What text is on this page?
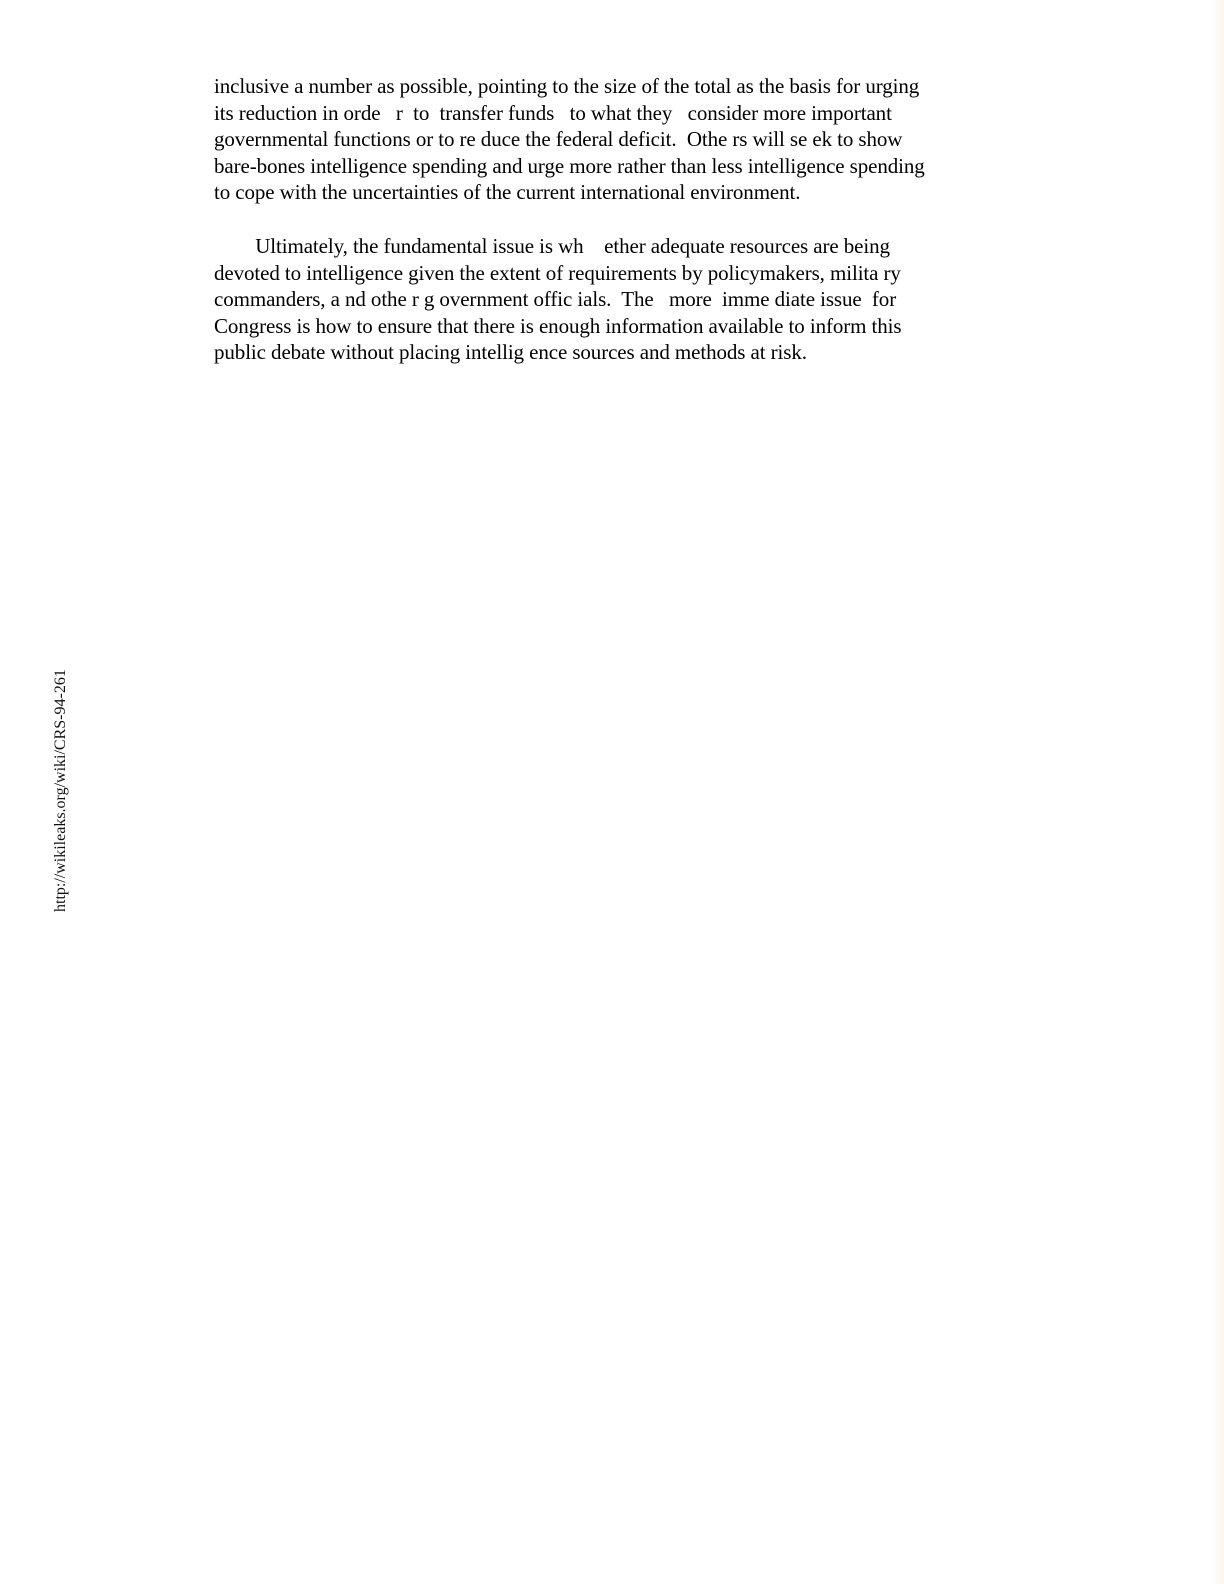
inclusive a number as possible, pointing to the size of the total as the basis for urging
its reduction in orde   r  to  transfer funds   to what they   consider more important
governmental functions or to re duce the federal deficit.  Othe rs will se ek to show
bare-bones intelligence spending and urge more rather than less intelligence spending
to cope with the uncertainties of the current international environment.
Ultimately, the fundamental issue is wh    ether adequate resources are being
devoted to intelligence given the extent of requirements by policymakers, milita ry
commanders, a nd othe r g overnment offic ials.  The   more  imme diate issue  for
Congress is how to ensure that there is enough information available to inform this
public debate without placing intellig ence sources and methods at risk.
http://wikileaks.org/wiki/CRS-94-261
